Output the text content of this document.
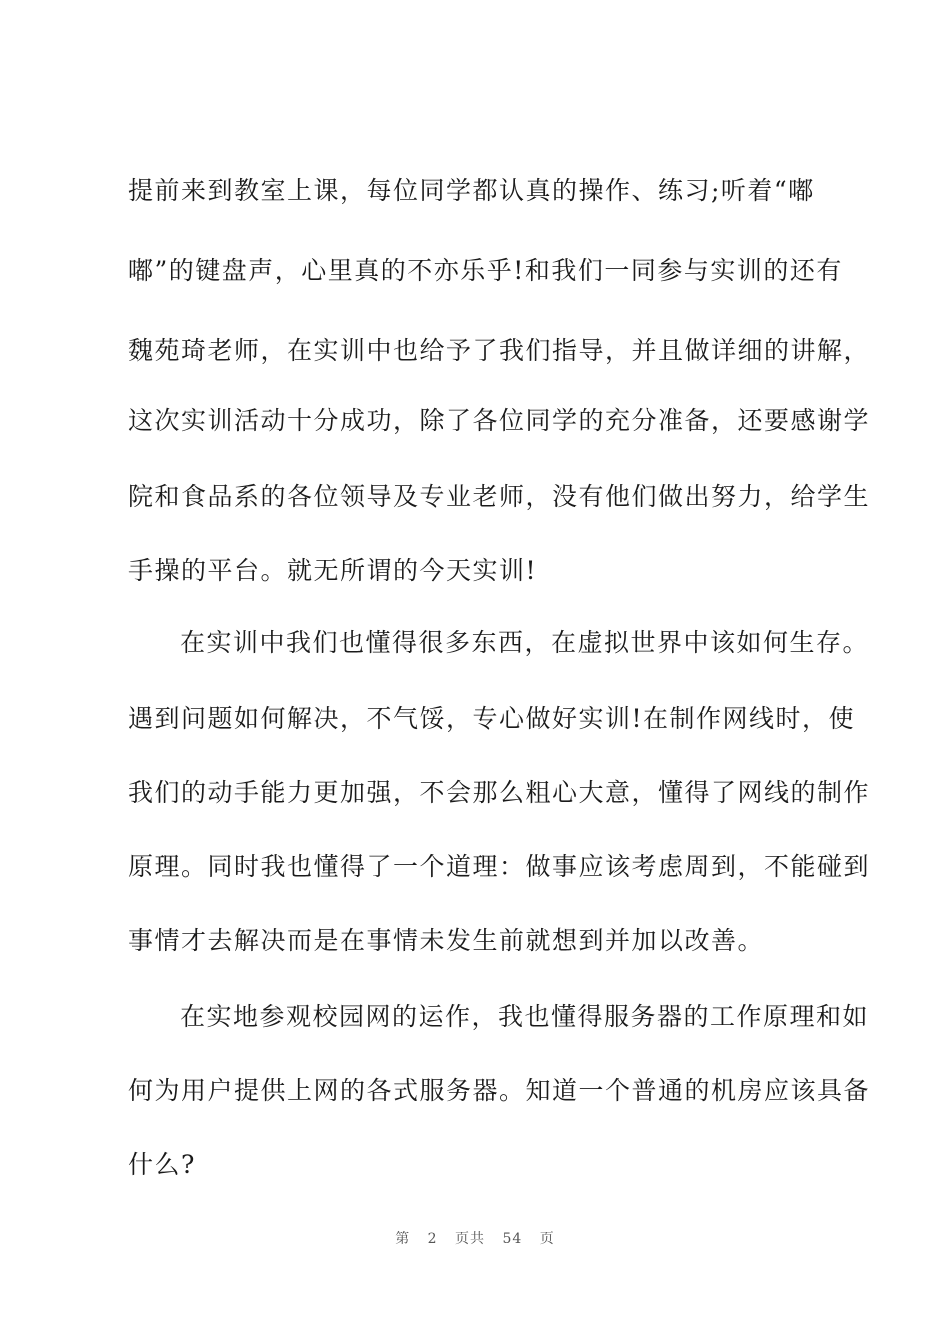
提前来到教室上课，每位同学都认真的操作、练习;听着“嘟
嘟”的键盘声，心里真的不亦乐乎!和我们一同参与实训的还有
魏苑琦老师，在实训中也给予了我们指导，并且做详细的讲解，
这次实训活动十分成功，除了各位同学的充分准备，还要感谢学
院和食品系的各位领导及专业老师，没有他们做出努力，给学生
手操的平台。就无所谓的今天实训!
在实训中我们也懂得很多东西，在虚拟世界中该如何生存。
遇到问题如何解决，不气馁，专心做好实训!在制作网线时，使
我们的动手能力更加强，不会那么粗心大意，懂得了网线的制作
原理。同时我也懂得了一个道理：做事应该考虑周到，不能碰到
事情才去解决而是在事情未发生前就想到并加以改善。
在实地参观校园网的运作，我也懂得服务器的工作原理和如
何为用户提供上网的各式服务器。知道一个普通的机房应该具备
什么?
第 2 页共 54 页
